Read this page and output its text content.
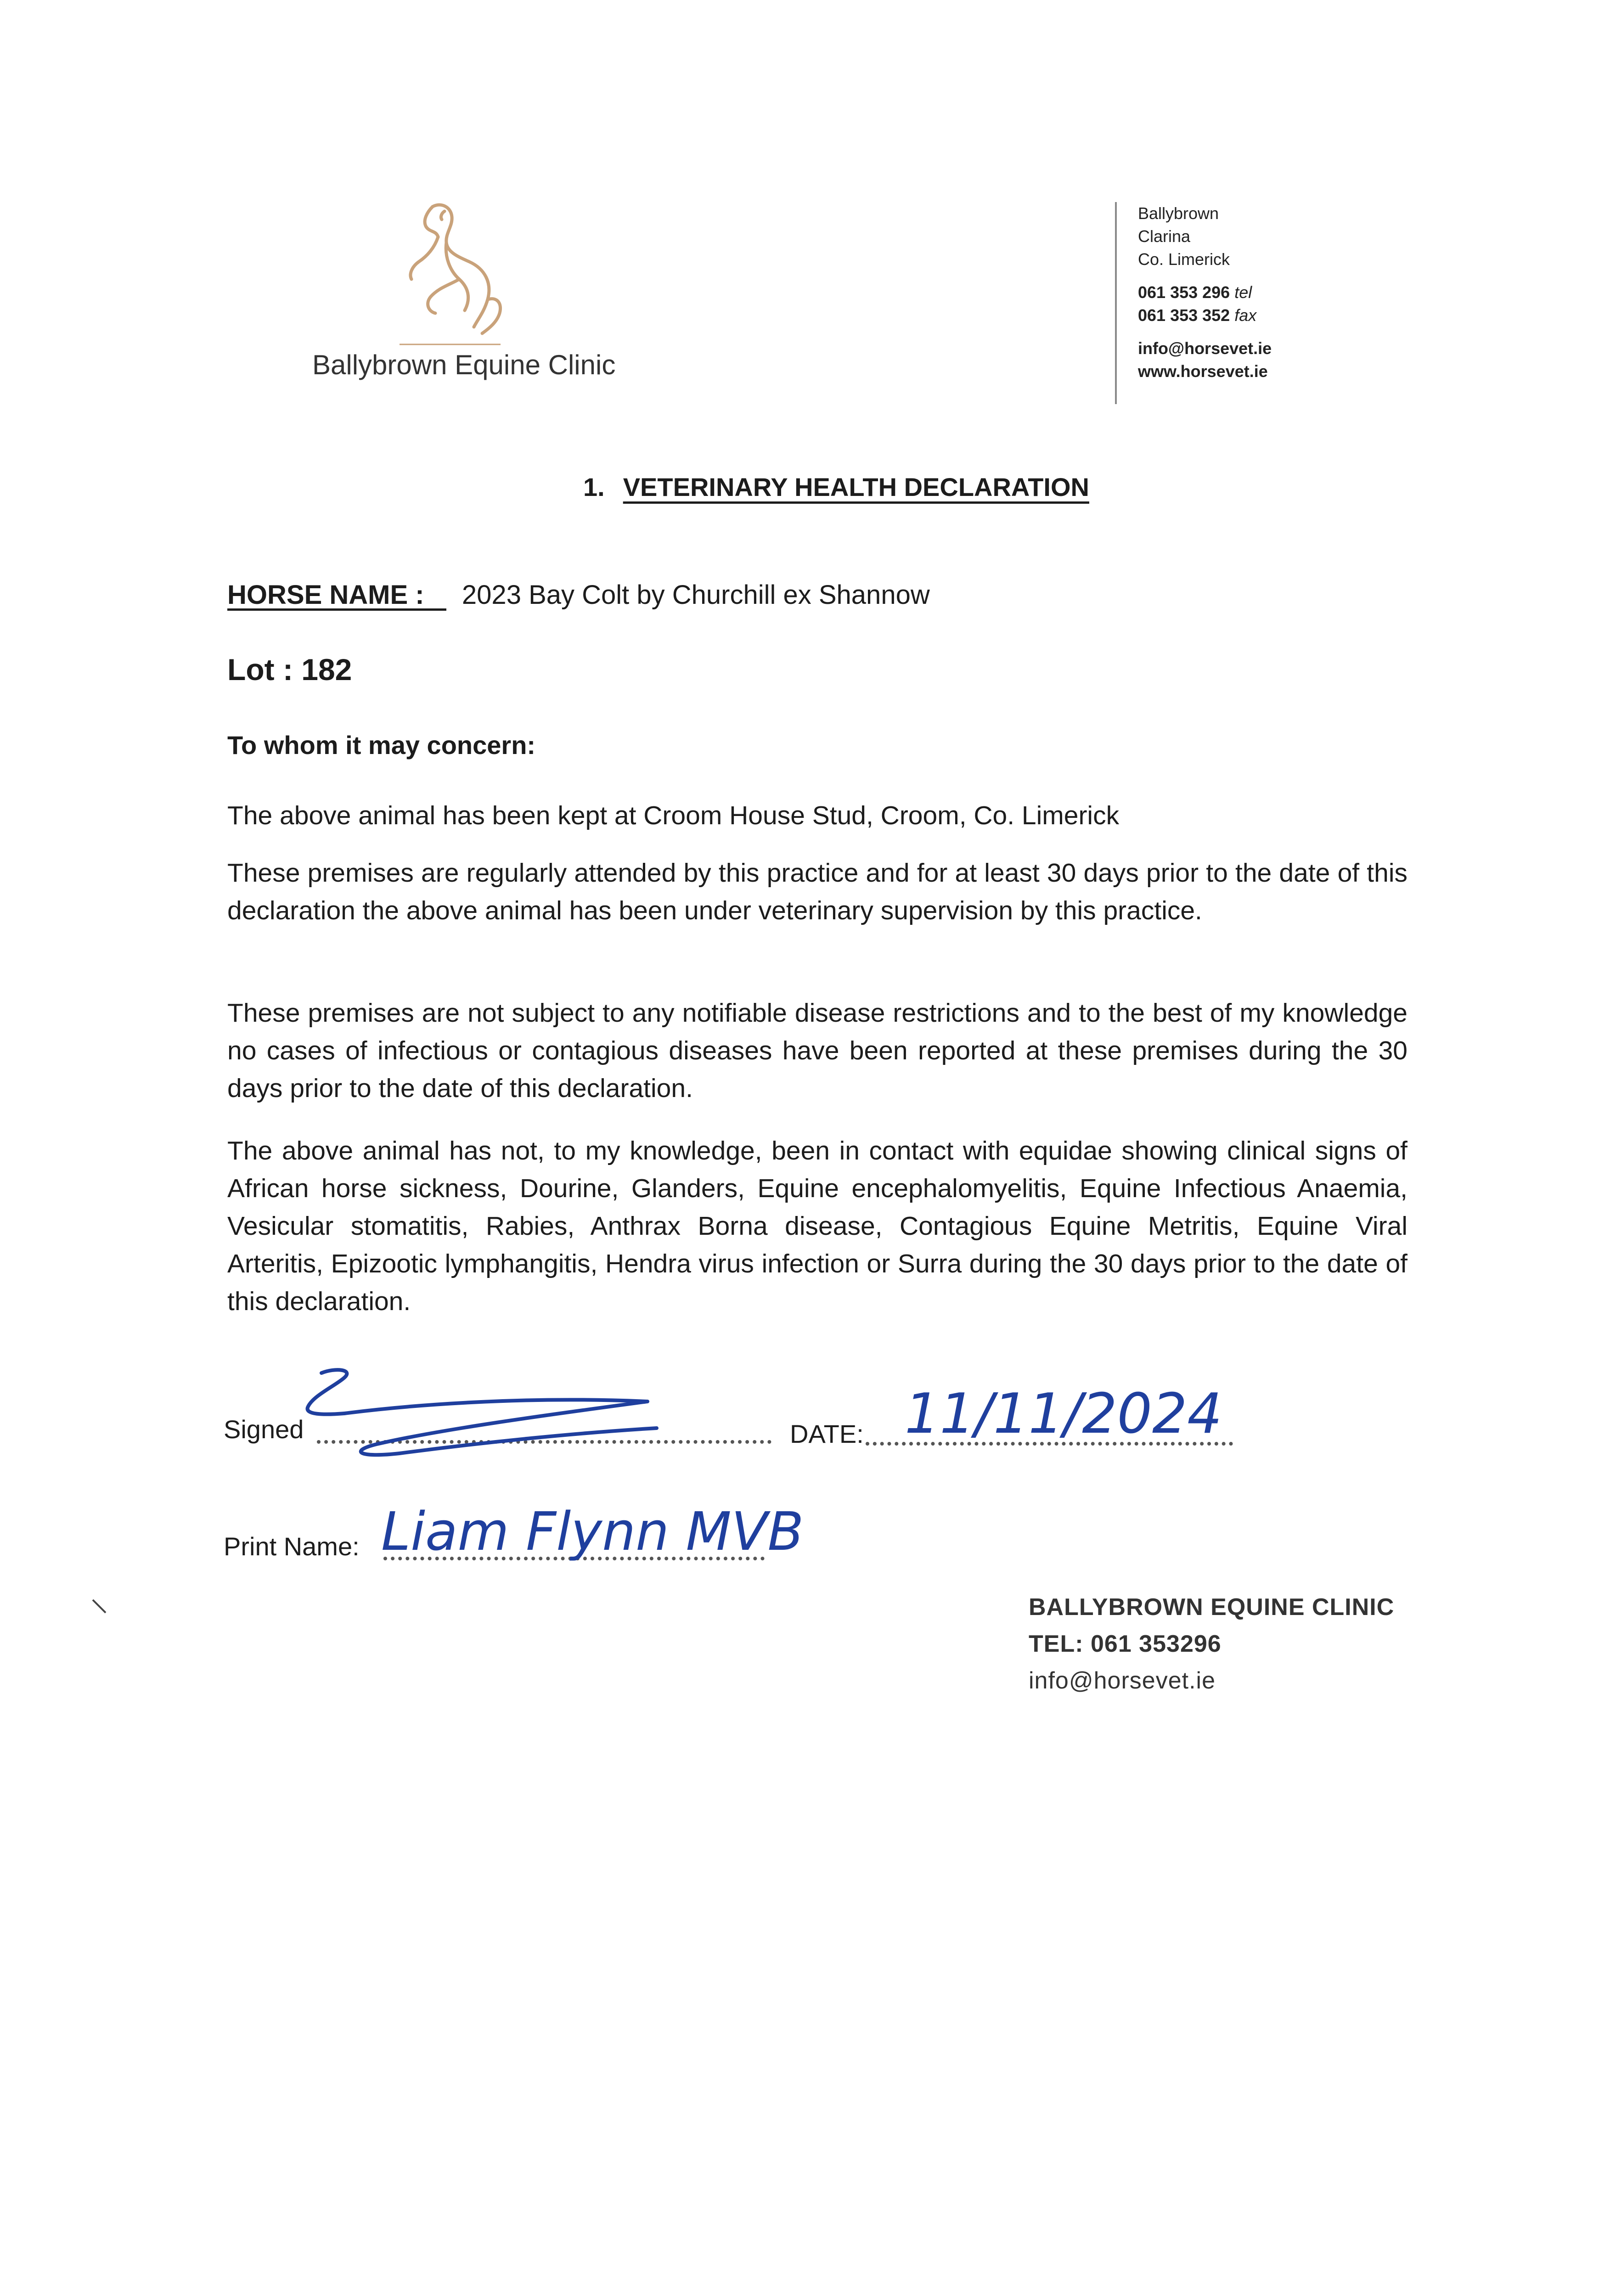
Ballybrown Equine Clinic
Ballybrown
Clarina
Co. Limerick
061 353 296 tel
061 353 352 fax
info@horsevet.ie
www.horsevet.ie
1. VETERINARY HEALTH DECLARATION
HORSE NAME : 2023 Bay Colt by Churchill ex Shannow
Lot : 182
To whom it may concern:
The above animal has been kept at Croom House Stud, Croom, Co. Limerick
These premises are regularly attended by this practice and for at least 30 days prior to the date of this declaration the above animal has been under veterinary supervision by this practice.
These premises are not subject to any notifiable disease restrictions and to the best of my knowledge no cases of infectious or contagious diseases have been reported at these premises during the 30 days prior to the date of this declaration.
The above animal has not, to my knowledge, been in contact with equidae showing clinical signs of African horse sickness, Dourine, Glanders, Equine encephalomyelitis, Equine Infectious Anaemia, Vesicular stomatitis, Rabies, Anthrax Borna disease, Contagious Equine Metritis, Equine Viral Arteritis, Epizootic lymphangitis, Hendra virus infection or Surra during the 30 days prior to the date of this declaration.
Signed	DATE: 11/11/2024
Print Name: Liam Flynn MVB
BALLYBROWN EQUINE CLINIC
TEL: 061 353296
info@horsevet.ie
